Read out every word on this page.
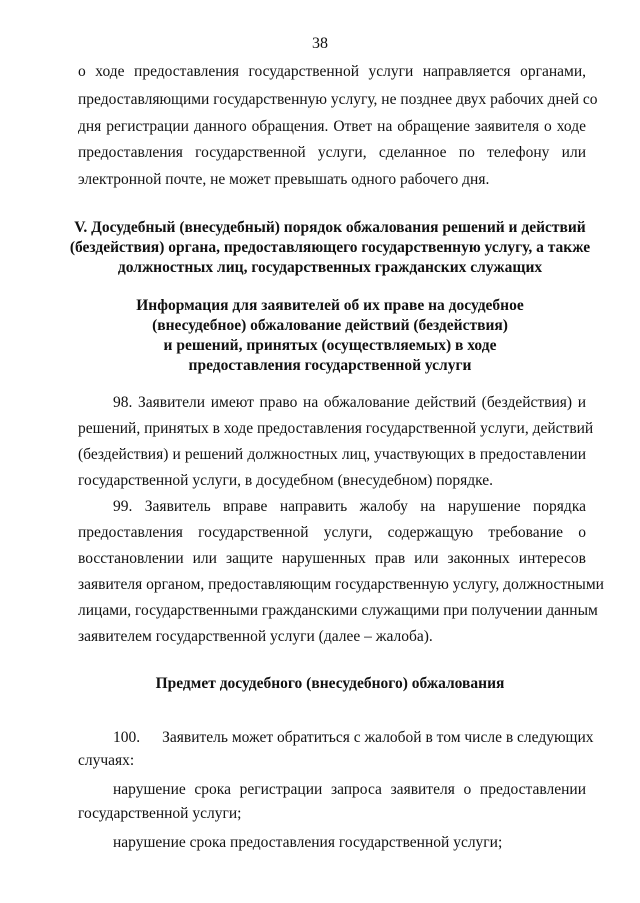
38

о ходе предоставления государственной услуги направляется органами,

предоставляющими государственную услугу, не позднее двух рабочих дней со

дня регистрации данного обращения. Ответ на обращение заявителя о ходе

предоставления государственной услуги, сделанное по телефону или

электронной почте, не может превышать одного рабочего дня.

V. Досудебный (внесудебный) порядок обжалования решений и действий

(бездействия) органа, предоставляющего государственную услугу, а также

должностных лиц, государственных гражданских служащих

Информация для заявителей об их праве на досудебное

(внесудебное) обжалование действий (бездействия)

и решений, принятых (осуществляемых) в ходе

предоставления государственной услуги

98. Заявители имеют право на обжалование действий (бездействия) и

решений, принятых в ходе предоставления государственной услуги, действий

(бездействия) и решений должностных лиц, участвующих в предоставлении

государственной услуги, в досудебном (внесудебном) порядке.

99. Заявитель вправе направить жалобу на нарушение порядка

предоставления государственной услуги, содержащую требование о

восстановлении или защите нарушенных прав или законных интересов

заявителя органом, предоставляющим государственную услугу, должностными

лицами, государственными гражданскими служащими при получении данным

заявителем государственной услуги (далее – жалоба).

Предмет досудебного (внесудебного) обжалования

100. Заявитель может обратиться с жалобой в том числе в следующих

случаях:

нарушение срока регистрации запроса заявителя о предоставлении

государственной услуги;

нарушение срока предоставления государственной услуги;
